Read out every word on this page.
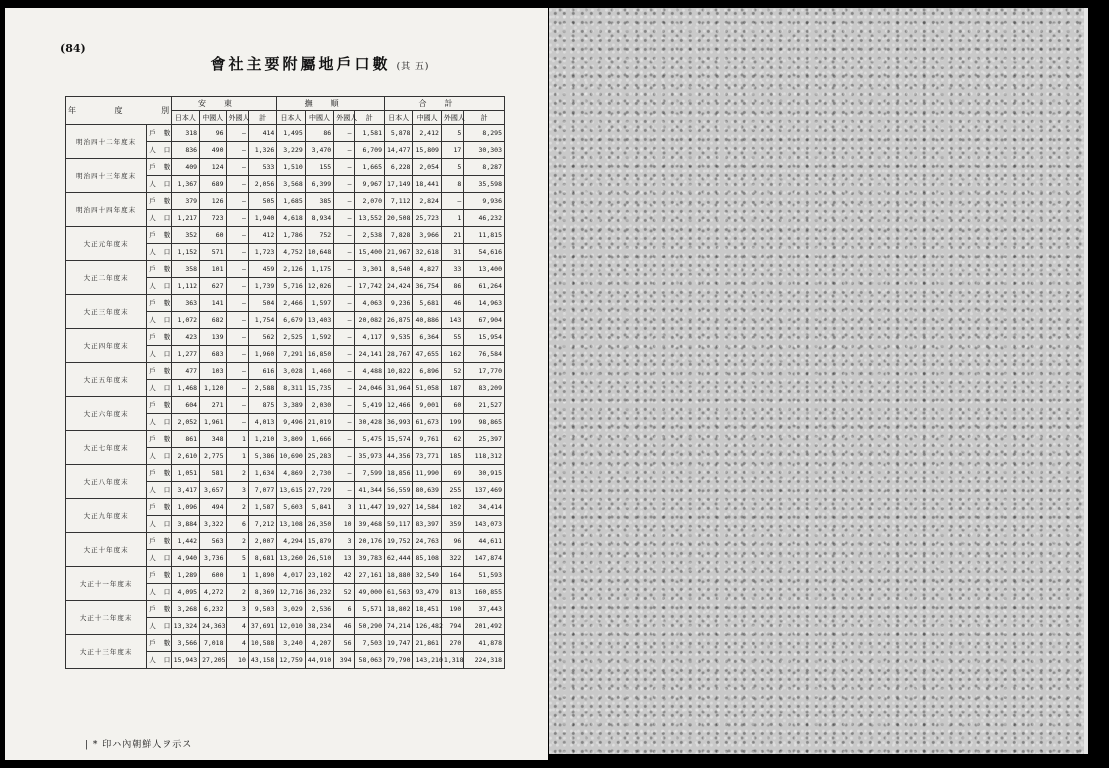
(84)
會社主要附屬地戶口數 (其 五)
年 度 別		安東				撫順				合計			
		日本人	中國人	外國人	計	日本人	中國人	外國人	計	日本人	中國人	外國人	計
明治四十二年度末	戶 數	318	96	—	414	1,495	86	—	1,581	5,878	2,412	5	8,295
	人 口	836	490	—	1,326	3,229	3,470	—	6,709	14,477	15,809	17	30,303
明治四十三年度末	戶 數	409	124	—	533	1,510	155	—	1,665	6,228	2,054	5	8,287
	人 口	1,367	689	—	2,056	3,568	6,399	—	9,967	17,149	18,441	8	35,598
明治四十四年度末	戶 數	379	126	—	505	1,685	385	—	2,070	7,112	2,824	—	9,936
	人 口	1,217	723	—	1,940	4,618	8,934	—	13,552	20,508	25,723	1	46,232
大正元年度末	戶 數	352	60	—	412	1,786	752	—	2,538	7,828	3,966	21	11,815
	人 口	1,152	571	—	1,723	4,752	10,648	—	15,400	21,967	32,618	31	54,616
大正二年度末	戶 數	358	101	—	459	2,126	1,175	—	3,301	8,540	4,827	33	13,400
	人 口	1,112	627	—	1,739	5,716	12,026	—	17,742	24,424	36,754	86	61,264
大正三年度末	戶 數	363	141	—	504	2,466	1,597	—	4,063	9,236	5,681	46	14,963
	人 口	1,072	682	—	1,754	6,679	13,403	—	20,082	26,875	40,886	143	67,904
大正四年度末	戶 數	423	139	—	562	2,525	1,592	—	4,117	9,535	6,364	55	15,954
	人 口	1,277	683	—	1,960	7,291	16,850	—	24,141	28,767	47,655	162	76,584
大正五年度末	戶 數	477	103	—	616	3,028	1,460	—	4,488	10,822	6,896	52	17,770
	人 口	1,468	1,120	—	2,588	8,311	15,735	—	24,046	31,964	51,058	187	83,209
大正六年度末	戶 數	604	271	—	875	3,389	2,030	—	5,419	12,466	9,001	60	21,527
	人 口	2,052	1,961	—	4,013	9,496	21,019	—	30,428	36,993	61,673	199	98,865
大正七年度末	戶 數	861	348	1	1,210	3,809	1,666	—	5,475	15,574	9,761	62	25,397
	人 口	2,610	2,775	1	5,386	10,690	25,283	—	35,973	44,356	73,771	185	118,312
大正八年度末	戶 數	1,051	581	2	1,634	4,869	2,730	—	7,599	18,856	11,990	69	30,915
	人 口	3,417	3,657	3	7,077	13,615	27,729	—	41,344	56,559	80,639	255	137,469
大正九年度末	戶 數	1,096	494	2	1,587	5,603	5,841	3	11,447	19,927	14,584	102	34,414
	人 口	3,884	3,322	6	7,212	13,108	26,350	10	39,468	59,117	83,397	359	143,073
大正十年度末	戶 數	1,442	563	2	2,007	4,294	15,879	3	20,176	19,752	24,763	96	44,611
	人 口	4,940	3,736	5	8,681	13,260	26,510	13	39,783	62,444	85,108	322	147,874
大正十一年度末	戶 數	1,289	600	1	1,890	4,017	23,102	42	27,161	18,880	32,549	164	51,593
	人 口	4,095	4,272	2	8,369	12,716	36,232	52	49,000	61,563	93,479	813	160,855
大正十二年度末	戶 數	3,268	6,232	3	9,503	3,029	2,536	6	5,571	18,802	18,451	190	37,443
	人 口	13,324	24,363	4	37,691	12,010	38,234	46	50,290	74,214	126,482	794	201,492
大正十三年度末	戶 數	3,566	7,018	4	10,588	3,240	4,207	56	7,503	19,747	21,861	270	41,878
	人 口	15,943	27,205	10	43,158	12,759	44,910	394	58,063	79,790	143,210	1,318	224,318
| * 印ハ內朝鮮人ヲ示ス
